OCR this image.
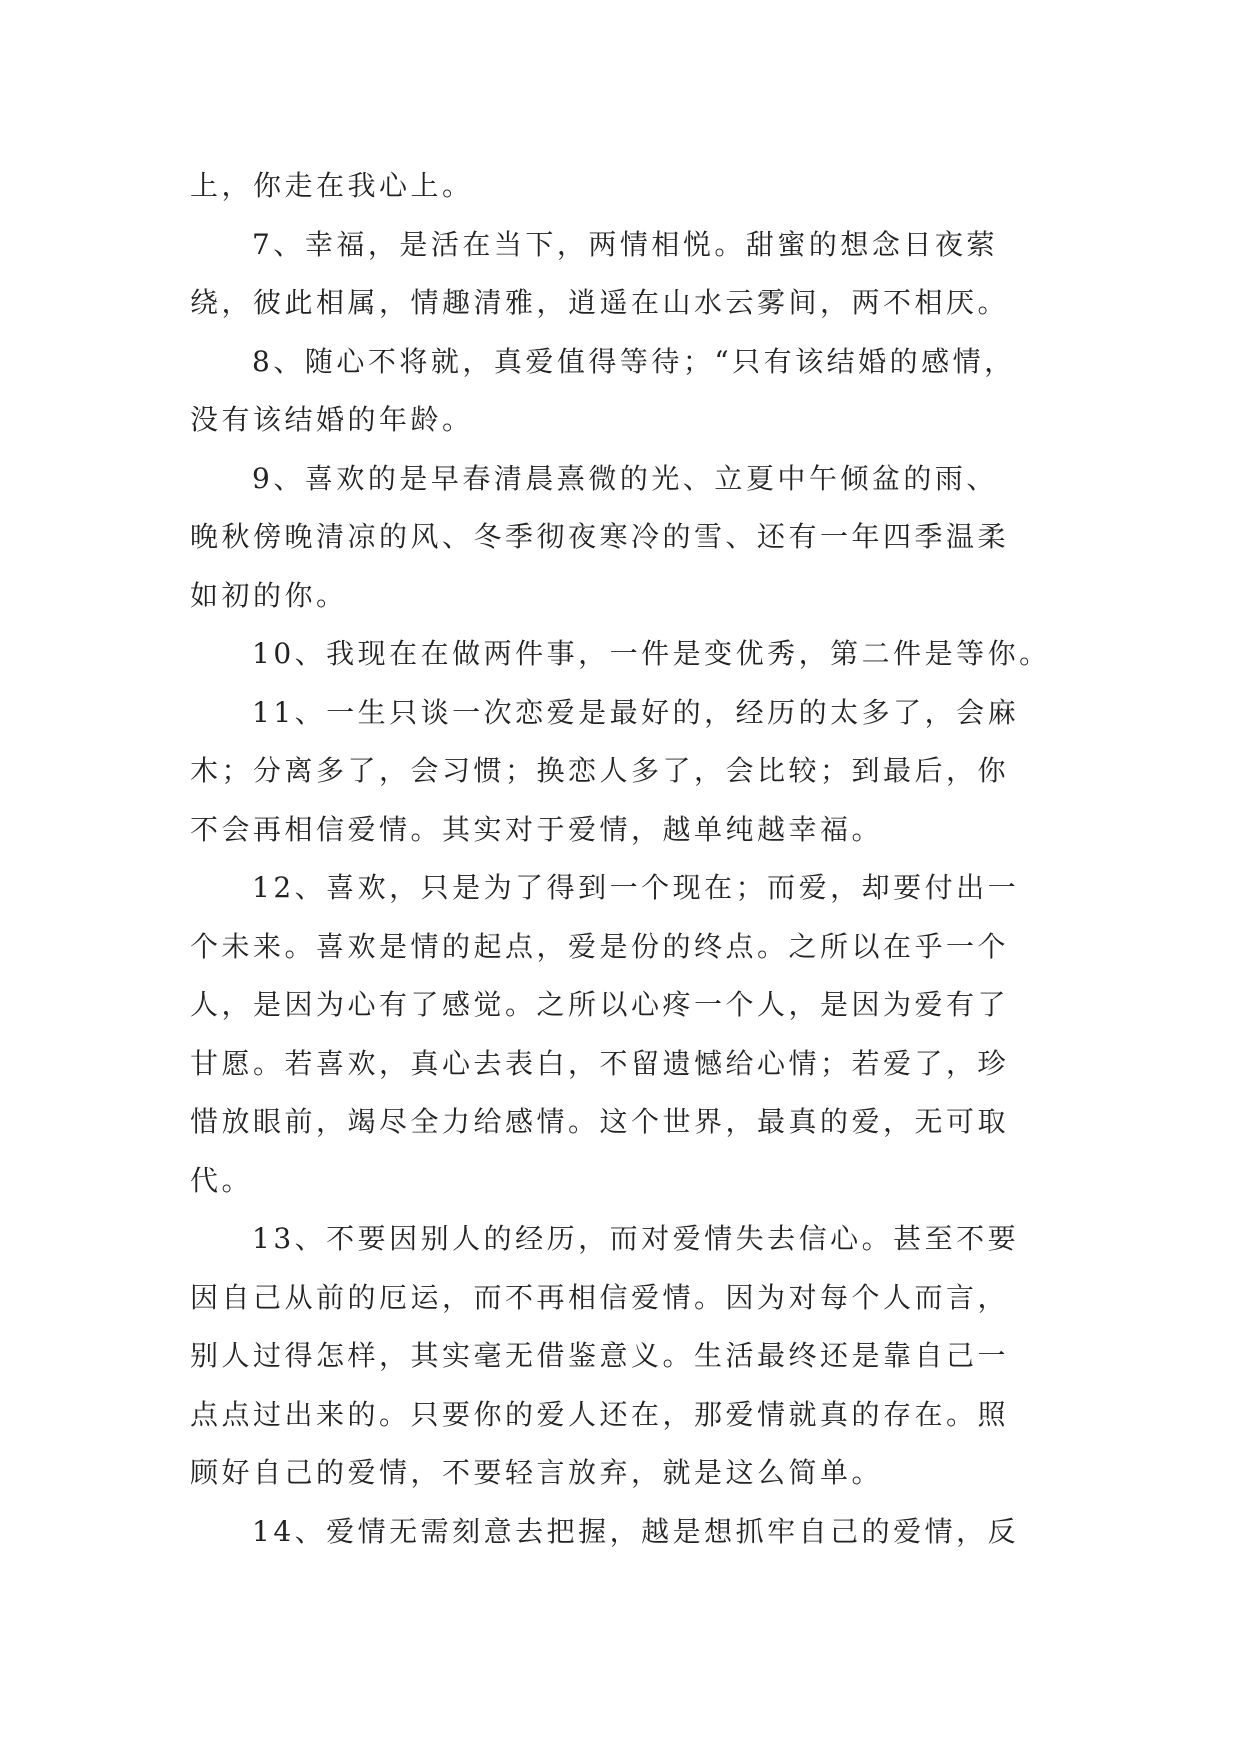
上，你走在我心上。
7、幸福，是活在当下，两情相悦。甜蜜的想念日夜萦
绕，彼此相属，情趣清雅，逍遥在山水云雾间，两不相厌。
8、随心不将就，真爱值得等待；“只有该结婚的感情，
没有该结婚的年龄。
9、喜欢的是早春清晨熹微的光、立夏中午倾盆的雨、
晚秋傍晚清凉的风、冬季彻夜寒冷的雪、还有一年四季温柔
如初的你。
10、我现在在做两件事，一件是变优秀，第二件是等你。
11、一生只谈一次恋爱是最好的，经历的太多了，会麻
木；分离多了，会习惯；换恋人多了，会比较；到最后，你
不会再相信爱情。其实对于爱情，越单纯越幸福。
12、喜欢，只是为了得到一个现在；而爱，却要付出一
个未来。喜欢是情的起点，爱是份的终点。之所以在乎一个
人，是因为心有了感觉。之所以心疼一个人，是因为爱有了
甘愿。若喜欢，真心去表白，不留遗憾给心情；若爱了，珍
惜放眼前，竭尽全力给感情。这个世界，最真的爱，无可取
代。
13、不要因别人的经历，而对爱情失去信心。甚至不要
因自己从前的厄运，而不再相信爱情。因为对每个人而言，
别人过得怎样，其实毫无借鉴意义。生活最终还是靠自己一
点点过出来的。只要你的爱人还在，那爱情就真的存在。照
顾好自己的爱情，不要轻言放弃，就是这么简单。
14、爱情无需刻意去把握，越是想抓牢自己的爱情，反
